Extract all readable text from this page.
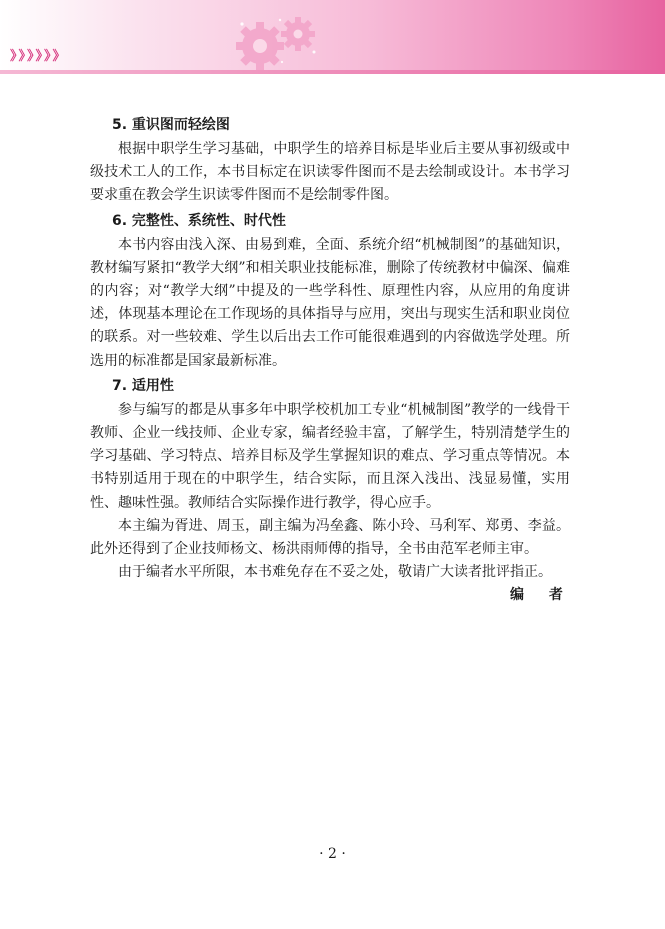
》》》》》》
5. 重识图而轻绘图

根据中职学生学习基础，中职学生的培养目标是毕业后主要从事初级或中级技术工人的工作，本书目标定在识读零件图而不是去绘制或设计。本书学习要求重在教会学生识读零件图而不是绘制零件图。

6. 完整性、系统性、时代性

本书内容由浅入深、由易到难，全面、系统介绍“机械制图”的基础知识，教材编写紧扣“教学大纲”和相关职业技能标准，删除了传统教材中偏深、偏难的内容；对“教学大纲”中提及的一些学科性、原理性内容，从应用的角度讲述，体现基本理论在工作现场的具体指导与应用，突出与现实生活和职业岗位的联系。对一些较难、学生以后出去工作可能很难遇到的内容做选学处理。所选用的标准都是国家最新标准。

7. 适用性

参与编写的都是从事多年中职学校机加工专业“机械制图”教学的一线骨干教师、企业一线技师、企业专家，编者经验丰富，了解学生，特别清楚学生的学习基础、学习特点、培养目标及学生掌握知识的难点、学习重点等情况。本书特别适用于现在的中职学生，结合实际，而且深入浅出、浅显易懂，实用性、趣味性强。教师结合实际操作进行教学，得心应手。

本主编为胥进、周玉，副主编为冯垒鑫、陈小玲、马利军、郑勇、李益。此外还得到了企业技师杨文、杨洪雨师傅的指导，全书由范军老师主审。

由于编者水平所限，本书难免存在不妥之处，敬请广大读者批评指正。

编 者
· 2 ·
